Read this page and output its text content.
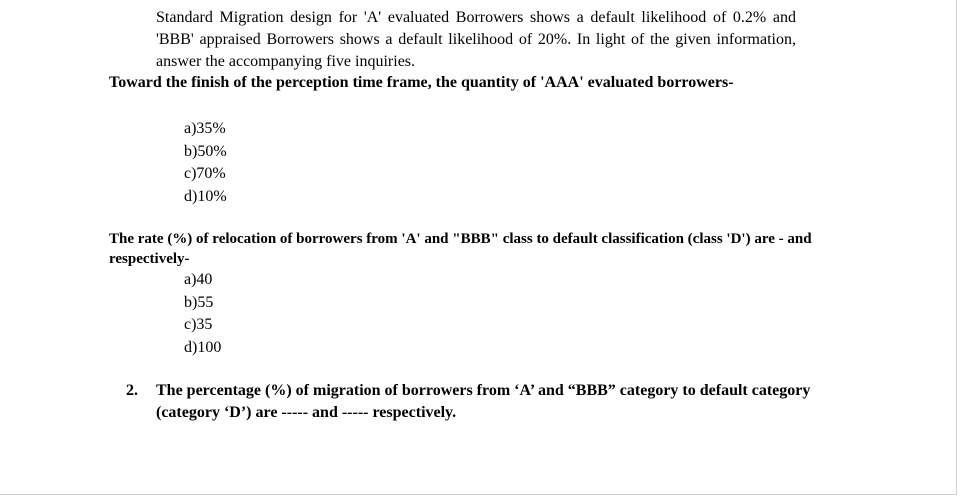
Standard Migration design for 'A' evaluated Borrowers shows a default likelihood of 0.2% and 'BBB' appraised Borrowers shows a default likelihood of 20%. In light of the given information, answer the accompanying five inquiries.
Toward the finish of the perception time frame, the quantity of 'AAA' evaluated borrowers-
a)35%
b)50%
c)70%
d)10%
The rate (%) of relocation of borrowers from 'A' and "BBB" class to default classification (class 'D') are - and respectively-
a)40
b)55
c)35
d)100
2.	The percentage (%) of migration of borrowers from ‘A’ and “BBB” category to default category (category ‘D’) are ----- and ----- respectively.
